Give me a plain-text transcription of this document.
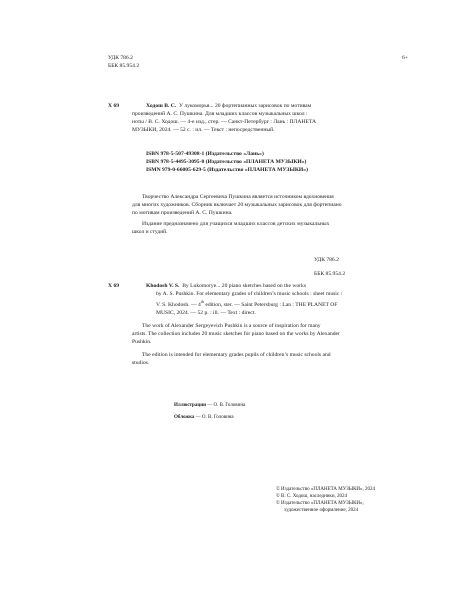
УДК 786.2
ББК 85.954.2
6+
Х 69	Ходош В. С. У лукоморья... 20 фортепианных зарисовок по мотивам
произведений А. С. Пушкина. Для младших классов музыкальных школ :
ноты / В. С. Ходош. — 4-е изд., стер. — Санкт-Петербург : Лань : ПЛАНЕТА
МУЗЫКИ, 2024. — 52 с. : ил. — Текст : непосредственный.
ISBN 978-5-507-49308-1 (Издательство «Лань»)
ISBN 978-5-4495-3095-0 (Издательство «ПЛАНЕТА МУЗЫКИ»)
ISMN 979-0-66005-629-5 (Издательство «ПЛАНЕТА МУЗЫКИ»)
Творчество Александра Сергеевича Пушкина является источником вдохновения
для многих художников. Сборник включает 20 музыкальных зарисовок для фортепиано
по мотивам произведений А. С. Пушкина.
Издание предназначено для учащихся младших классов детских музыкальных
школ и студий.
УДК 786.2
ББК 85.954.2
Х 69	Khodosh V. S. By Lukomorye... 20 piano sketches based on the works
by A. S. Pushkin. For elementary grades of children’s music schools : sheet music /
V. S. Khodosh. — 4th edition, ster. — Saint Petersburg : Lan : THE PLANET OF
MUSIC, 2024. — 52 p. : ill. — Text : direct.
The work of Alexander Sergeyevich Pushkin is a source of inspiration for many
artists. The collection includes 20 music sketches for piano based on the works by Alexander
Pushkin.
The edition is intended for elementary grades pupils of children’s music schools and
studios.
Иллюстрации — О. В. Головина
Обложка — О. В. Головина
© Издательство «ПЛАНЕТА МУЗЫКИ», 2024
© В. С. Ходош, наследники, 2024
© Издательство «ПЛАНЕТА МУЗЫКИ»,
художественное оформление, 2024
